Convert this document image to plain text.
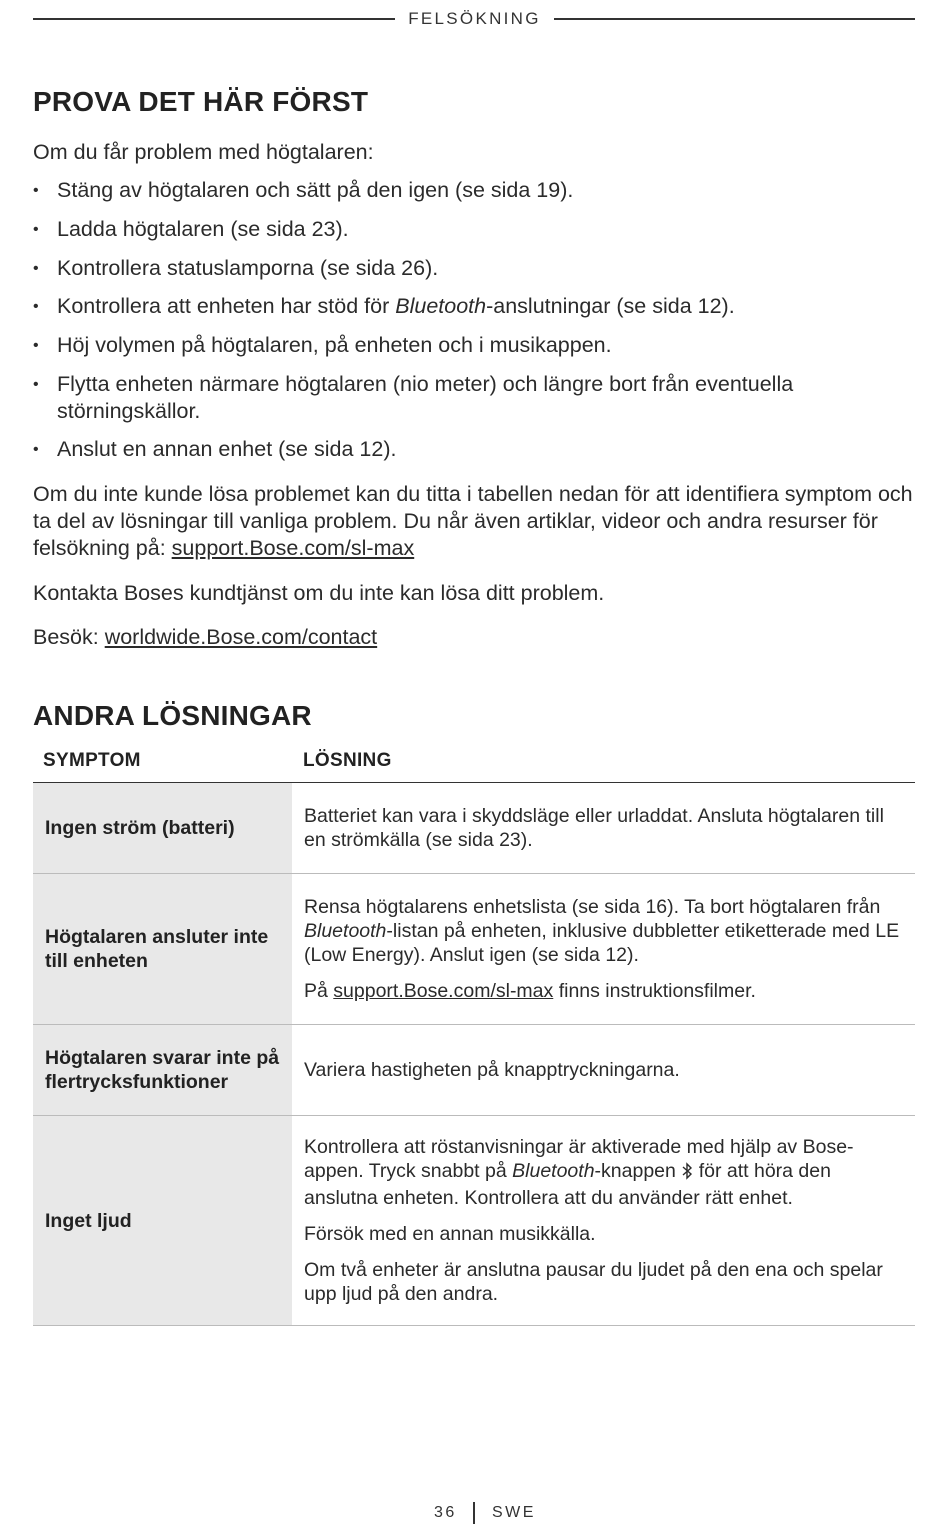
FELSÖKNING
PROVA DET HÄR FÖRST
Om du får problem med högtalaren:
• Stäng av högtalaren och sätt på den igen (se sida 19).
• Ladda högtalaren (se sida 23).
• Kontrollera statuslamporna (se sida 26).
• Kontrollera att enheten har stöd för Bluetooth-anslutningar (se sida 12).
• Höj volymen på högtalaren, på enheten och i musikappen.
• Flytta enheten närmare högtalaren (nio meter) och längre bort från eventuella störningskällor.
• Anslut en annan enhet (se sida 12).
Om du inte kunde lösa problemet kan du titta i tabellen nedan för att identifiera symptom och ta del av lösningar till vanliga problem. Du når även artiklar, videor och andra resurser för felsökning på: support.Bose.com/sl-max
Kontakta Boses kundtjänst om du inte kan lösa ditt problem.
Besök: worldwide.Bose.com/contact
ANDRA LÖSNINGAR
SYMPTOM	LÖSNING
Ingen ström (batteri)

Batteriet kan vara i skyddsläge eller urladdat. Ansluta högtalaren till en strömkälla (se sida 23).

Högtalaren ansluter inte till enheten

Rensa högtalarens enhetslista (se sida 16). Ta bort högtalaren från Bluetooth-listan på enheten, inklusive dubbletter etiketterade med LE (Low Energy). Anslut igen (se sida 12).

På support.Bose.com/sl-max finns instruktionsfilmer.

Högtalaren svarar inte på flertrycksfunktioner

Variera hastigheten på knapptryckningarna.

Inget ljud

Kontrollera att röstanvisningar är aktiverade med hjälp av Bose-appen. Tryck snabbt på Bluetooth-knappen  för att höra den anslutna enheten. Kontrollera att du använder rätt enhet.

Försök med en annan musikkälla.

Om två enheter är anslutna pausar du ljudet på den ena och spelar upp ljud på den andra.

36 SWE
